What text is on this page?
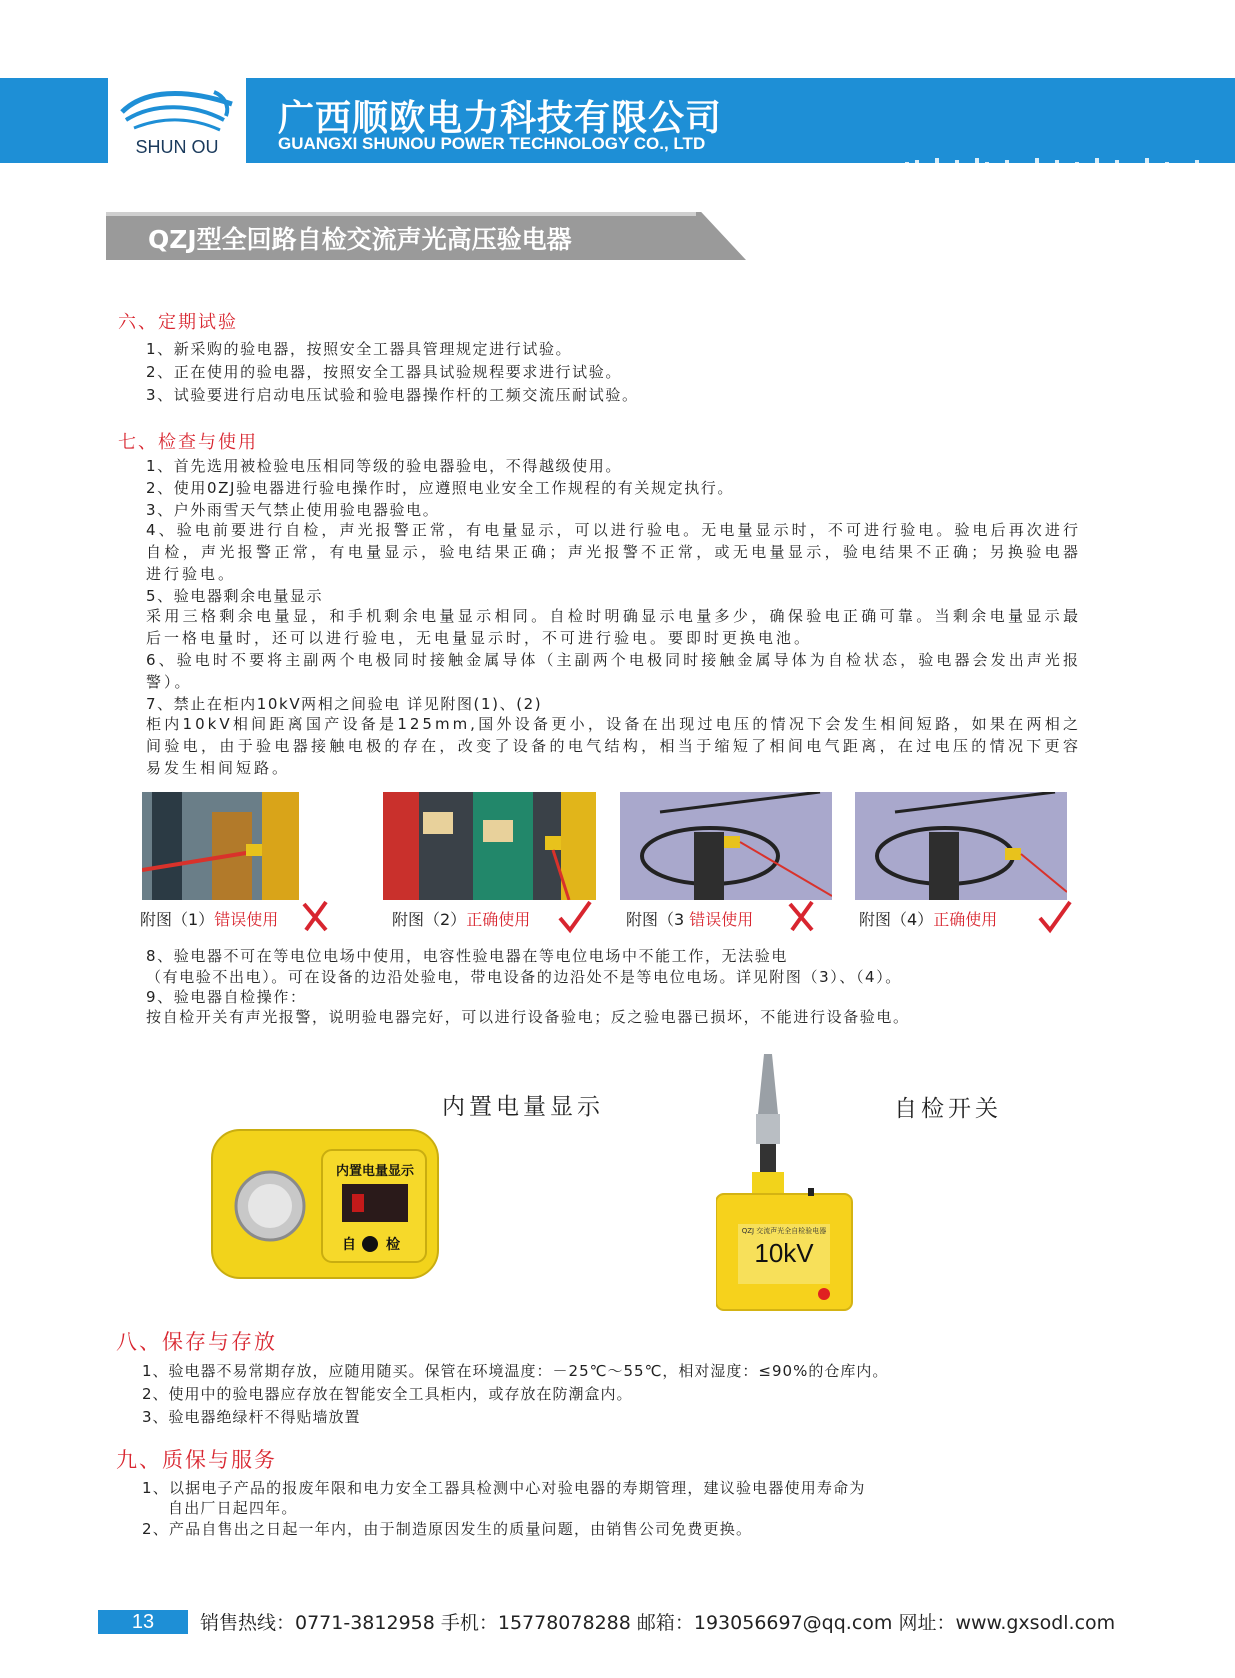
SHUN OU
广西顺欧电力科技有限公司
GUANGXI SHUNOU POWER TECHNOLOGY CO., LTD
QZJ型全回路自检交流声光高压验电器
六、定期试验
1、新采购的验电器，按照安全工器具管理规定进行试验。
2、正在使用的验电器，按照安全工器具试验规程要求进行试验。
3、试验要进行启动电压试验和验电器操作杆的工频交流压耐试验。
七、检查与使用
1、首先选用被检验电压相同等级的验电器验电，不得越级使用。
2、使用0ZJ验电器进行验电操作时，应遵照电业安全工作规程的有关规定执行。
3、户外雨雪天气禁止使用验电器验电。
4、验电前要进行自检，声光报警正常，有电量显示，可以进行验电。无电量显示时，不可进行验电。验电后再次进行自检，声光报警正常，有电量显示，验电结果正确；声光报警不正常，或无电量显示，验电结果不正确；另换验电器进行验电。
5、验电器剩余电量显示
采用三格剩余电量显，和手机剩余电量显示相同。自检时明确显示电量多少，确保验电正确可靠。当剩余电量显示最后一格电量时，还可以进行验电，无电量显示时，不可进行验电。要即时更换电池。
6、验电时不要将主副两个电极同时接触金属导体（主副两个电极同时接触金属导体为自检状态，验电器会发出声光报警）。
7、禁止在柜内10kV两相之间验电 详见附图(1)、(2)
柜内10kV相间距离国产设备是125mm,国外设备更小，设备在出现过电压的情况下会发生相间短路，如果在两相之间验电，由于验电器接触电极的存在，改变了设备的电气结构，相当于缩短了相间电气距离，在过电压的情况下更容易发生相间短路。
附图（1）错误使用	附图（2）正确使用	附图（3 错误使用	附图（4）正确使用
8、验电器不可在等电位电场中使用，电容性验电器在等电位电场中不能工作，无法验电
（有电验不出电）。可在设备的边沿处验电，带电设备的边沿处不是等电位电场。详见附图（3）、（4）。
9、验电器自检操作：
按自检开关有声光报警，说明验电器完好，可以进行设备验电；反之验电器已损坏，不能进行设备验电。
内置电量显示	自检开关
内置电量显示
自 检
QZJ 交流声光全自检验电器
10kV
八、保存与存放
1、验电器不易常期存放，应随用随买。保管在环境温度：－25℃～55℃，相对湿度：≤90%的仓库内。
2、使用中的验电器应存放在智能安全工具柜内，或存放在防潮盒内。
3、验电器绝绿杆不得贴墙放置
九、质保与服务
1、以据电子产品的报废年限和电力安全工器具检测中心对验电器的寿期管理，建议验电器使用寿命为
自出厂日起四年。
2、产品自售出之日起一年内，由于制造原因发生的质量问题，由销售公司免费更换。
13	销售热线：0771-3812958 手机：15778078288 邮箱：193056697@qq.com 网址：www.gxsodl.com
